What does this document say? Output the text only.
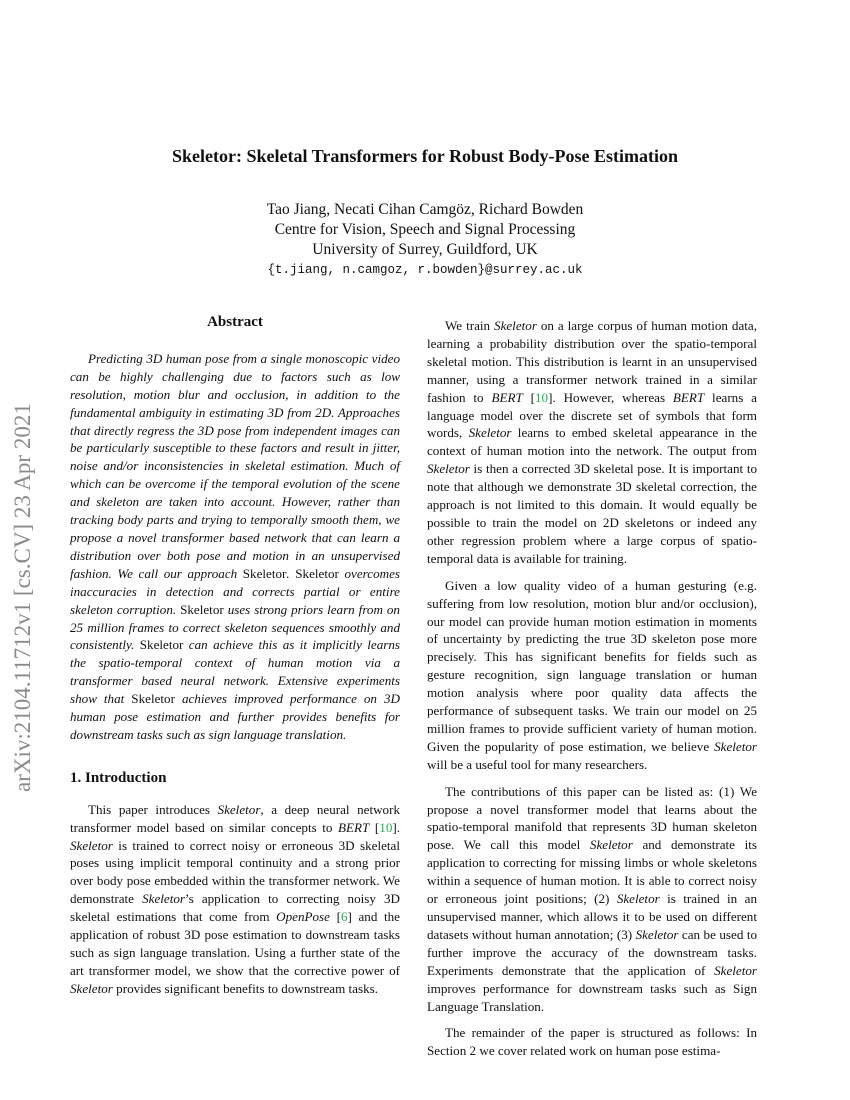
Skeletor: Skeletal Transformers for Robust Body-Pose Estimation
Tao Jiang, Necati Cihan Camgöz, Richard Bowden
Centre for Vision, Speech and Signal Processing
University of Surrey, Guildford, UK
{t.jiang, n.camgoz, r.bowden}@surrey.ac.uk
arXiv:2104.11712v1 [cs.CV] 23 Apr 2021
Abstract

Predicting 3D human pose from a single monoscopic video can be highly challenging due to factors such as low resolution, motion blur and occlusion, in addition to the fundamental ambiguity in estimating 3D from 2D. Approaches that directly regress the 3D pose from independent images can be particularly susceptible to these factors and result in jitter, noise and/or inconsistencies in skeletal estimation. Much of which can be overcome if the temporal evolution of the scene and skeleton are taken into account. However, rather than tracking body parts and trying to temporally smooth them, we propose a novel transformer based network that can learn a distribution over both pose and motion in an unsupervised fashion. We call our approach Skeletor. Skeletor overcomes inaccuracies in detection and corrects partial or entire skeleton corruption. Skeletor uses strong priors learn from on 25 million frames to correct skeleton sequences smoothly and consistently. Skeletor can achieve this as it implicitly learns the spatio-temporal context of human motion via a transformer based neural network. Extensive experiments show that Skeletor achieves improved performance on 3D human pose estimation and further provides benefits for downstream tasks such as sign language translation.

1. Introduction

This paper introduces Skeletor, a deep neural network transformer model based on similar concepts to BERT [10]. Skeletor is trained to correct noisy or erroneous 3D skeletal poses using implicit temporal continuity and a strong prior over body pose embedded within the transformer network. We demonstrate Skeletor’s application to correcting noisy 3D skeletal estimations that come from OpenPose [6] and the application of robust 3D pose estimation to downstream tasks such as sign language translation. Using a further state of the art transformer model, we show that the corrective power of Skeletor provides significant benefits to downstream tasks.

We train Skeletor on a large corpus of human motion data, learning a probability distribution over the spatio-temporal skeletal motion. This distribution is learnt in an unsupervised manner, using a transformer network trained in a similar fashion to BERT [10]. However, whereas BERT learns a language model over the discrete set of symbols that form words, Skeletor learns to embed skeletal appearance in the context of human motion into the network. The output from Skeletor is then a corrected 3D skeletal pose. It is important to note that although we demonstrate 3D skeletal correction, the approach is not limited to this domain. It would equally be possible to train the model on 2D skeletons or indeed any other regression problem where a large corpus of spatio-temporal data is available for training.

Given a low quality video of a human gesturing (e.g. suffering from low resolution, motion blur and/or occlusion), our model can provide human motion estimation in moments of uncertainty by predicting the true 3D skeleton pose more precisely. This has significant benefits for fields such as gesture recognition, sign language translation or human motion analysis where poor quality data affects the performance of subsequent tasks. We train our model on 25 million frames to provide sufficient variety of human motion. Given the popularity of pose estimation, we believe Skeletor will be a useful tool for many researchers.

The contributions of this paper can be listed as: (1) We propose a novel transformer model that learns about the spatio-temporal manifold that represents 3D human skeleton pose. We call this model Skeletor and demonstrate its application to correcting for missing limbs or whole skeletons within a sequence of human motion. It is able to correct noisy or erroneous joint positions; (2) Skeletor is trained in an unsupervised manner, which allows it to be used on different datasets without human annotation; (3) Skeletor can be used to further improve the accuracy of the downstream tasks. Experiments demonstrate that the application of Skeletor improves performance for downstream tasks such as Sign Language Translation.

The remainder of the paper is structured as follows: In Section 2 we cover related work on human pose estima-
